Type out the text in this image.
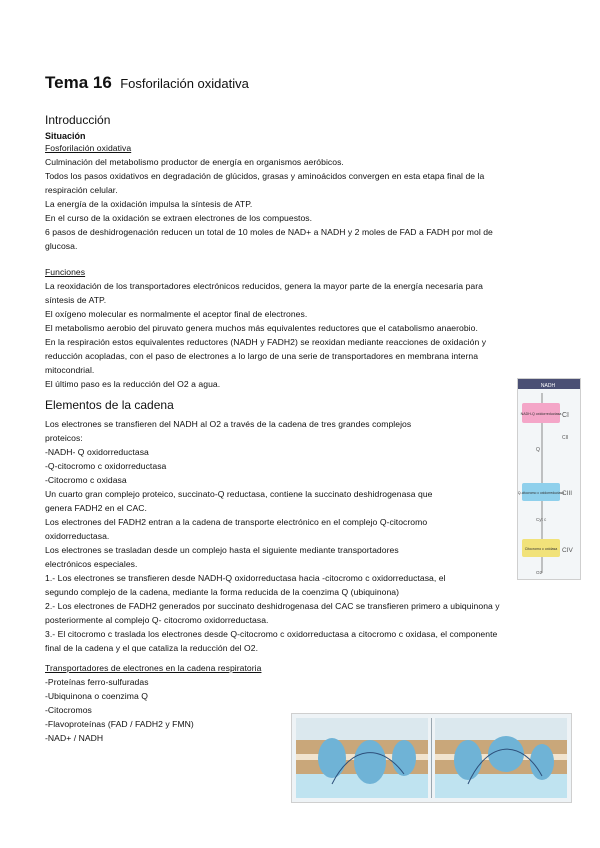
Tema 16 Fosforilación oxidativa
Introducción
Situación
Fosforilación oxidativa
Culminación del metabolismo productor de energía en organismos aeróbicos.
Todos los pasos oxidativos en degradación de glúcidos, grasas y aminoácidos convergen en esta etapa final de la
respiración celular.
La energía de la oxidación impulsa la síntesis de ATP.
En el curso de la oxidación se extraen electrones de los compuestos.
6 pasos de deshidrogenación reducen un total de 10 moles de NAD+ a NADH y 2 moles de FAD a FADH por mol de
glucosa.
Funciones
La reoxidación de los transportadores electrónicos reducidos, genera la mayor parte de la energía necesaria para
síntesis de ATP.
El oxígeno molecular es normalmente el aceptor final de electrones.
El metabolismo aerobio del piruvato genera muchos más equivalentes reductores que el catabolismo anaerobio.
En la respiración estos equivalentes reductores (NADH y FADH2) se reoxidan mediante reacciones de oxidación y
reducción acopladas, con el paso de electrones a lo largo de una serie de transportadores en membrana interna
mitocondrial.
El último paso es la reducción del O2 a agua.
Elementos de la cadena
Los electrones se transfieren del NADH al O2 a través de la cadena de tres grandes complejos
proteicos:
-NADH- Q oxidorreductasa
-Q-citocromo c oxidorreductasa
-Citocromo c oxidasa
Un cuarto gran complejo proteico, succinato-Q reductasa, contiene la succinato deshidrogenasa que
genera FADH2 en el CAC.
Los electrones del FADH2 entran a la cadena de transporte electrónico en el complejo Q-citocromo
oxidorreductasa.
Los electrones se trasladan desde un complejo hasta el siguiente mediante transportadores
electrónicos especiales.
1.- Los electrones se transfieren desde NADH-Q oxidorreductasa hacia -citocromo c oxidorreductasa, el
segundo complejo de la cadena, mediante la forma reducida de la coenzima Q (ubiquinona)
2.- Los electrones de FADH2 generados por succinato deshidrogenasa del CAC se transfieren primero a ubiquinona y
posteriormente al complejo Q- citocromo oxidorreductasa.
3.- El citocromo c traslada los electrones desde Q-citocromo c oxidorreductasa a citocromo c oxidasa, el componente
final de la cadena y el que cataliza la reducción del O2.
NADH
NADH-Q oxidorreductasa CI
CII
Q
Q-citocromo c oxidorreductasa
CIII
Cyt c
Citocromo c oxidasa CIV
O2
Transportadores de electrones en la cadena respiratoria
-Proteínas ferro-sulfuradas
-Ubiquinona o coenzima Q
-Citocromos
-Flavoproteínas (FAD / FADH2 y FMN)
-NAD+ / NADH
